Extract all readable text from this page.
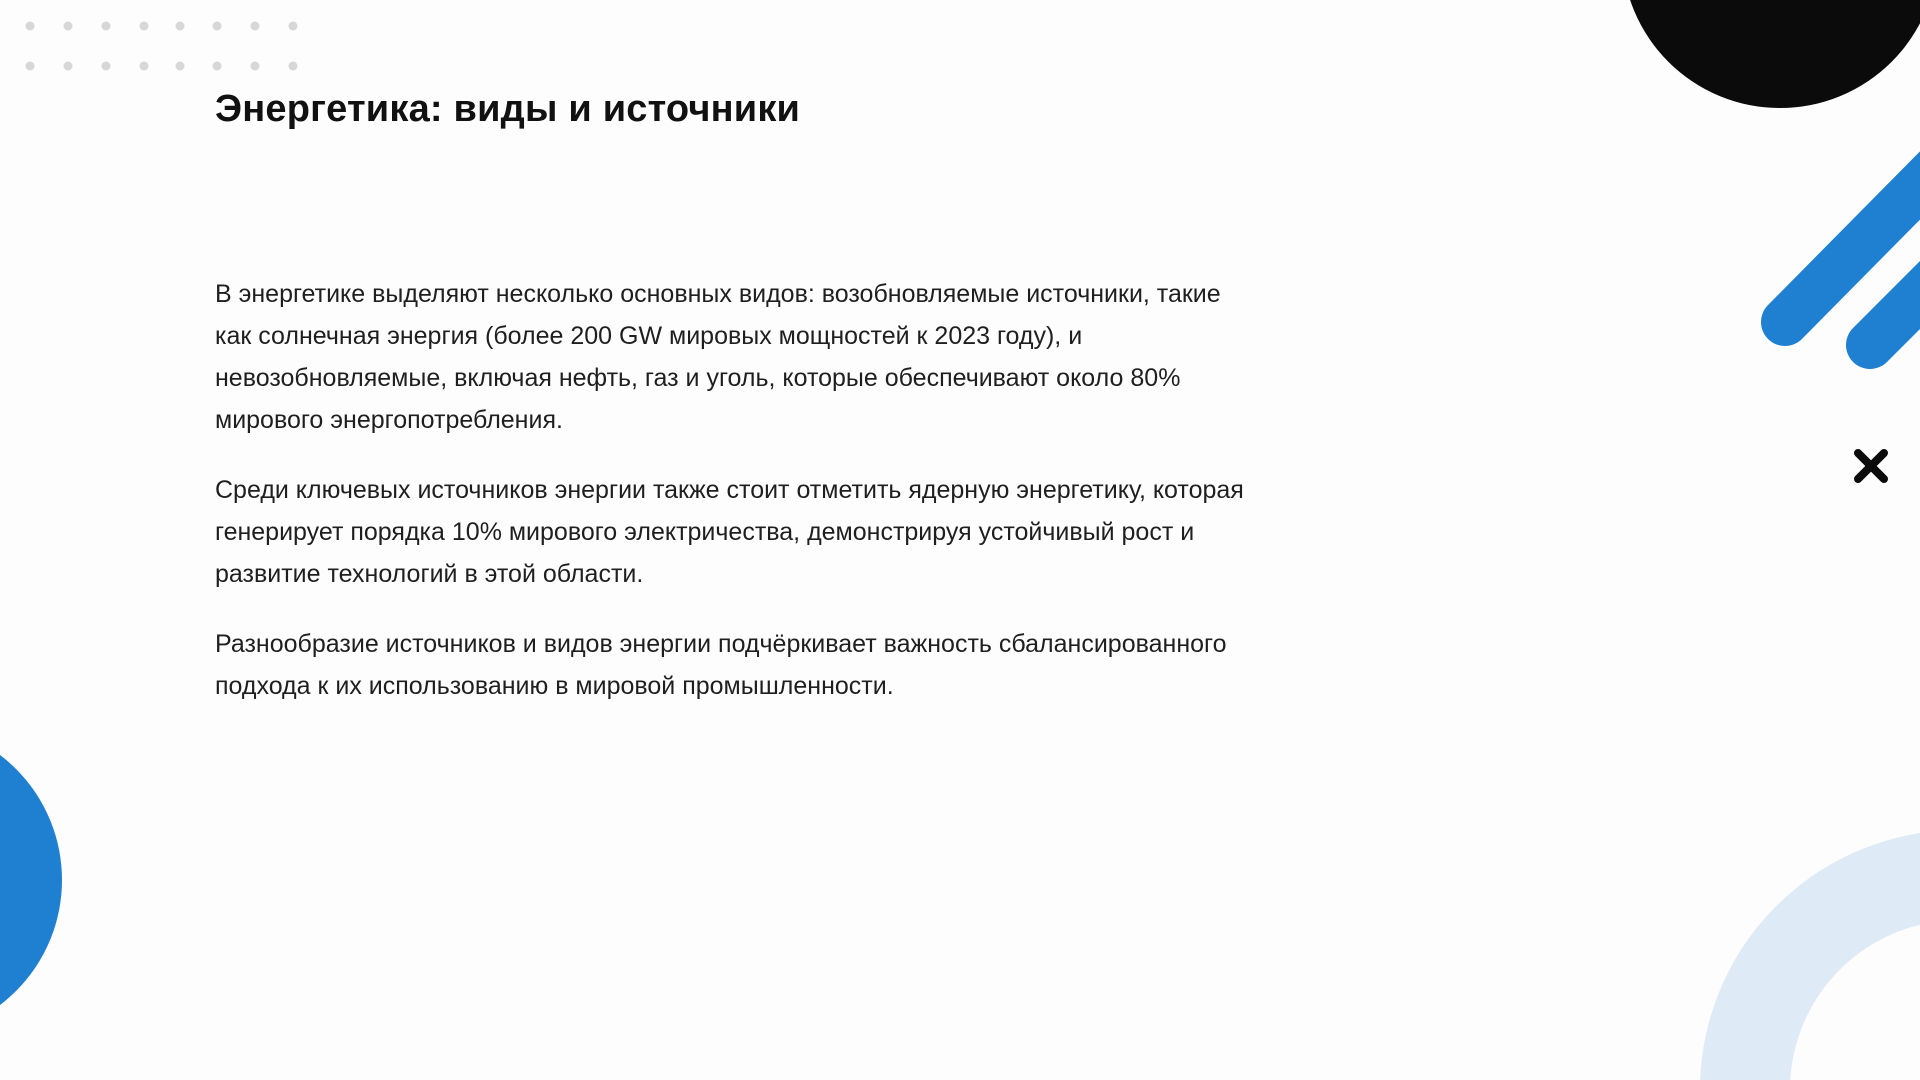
Энергетика: виды и источники

В энергетике выделяют несколько основных видов: возобновляемые источники, такие как солнечная энергия (более 200 GW мировых мощностей к 2023 году), и невозобновляемые, включая нефть, газ и уголь, которые обеспечивают около 80% мирового энергопотребления.

Среди ключевых источников энергии также стоит отметить ядерную энергетику, которая генерирует порядка 10% мирового электричества, демонстрируя устойчивый рост и развитие технологий в этой области.

Разнообразие источников и видов энергии подчёркивает важность сбалансированного подхода к их использованию в мировой промышленности.
